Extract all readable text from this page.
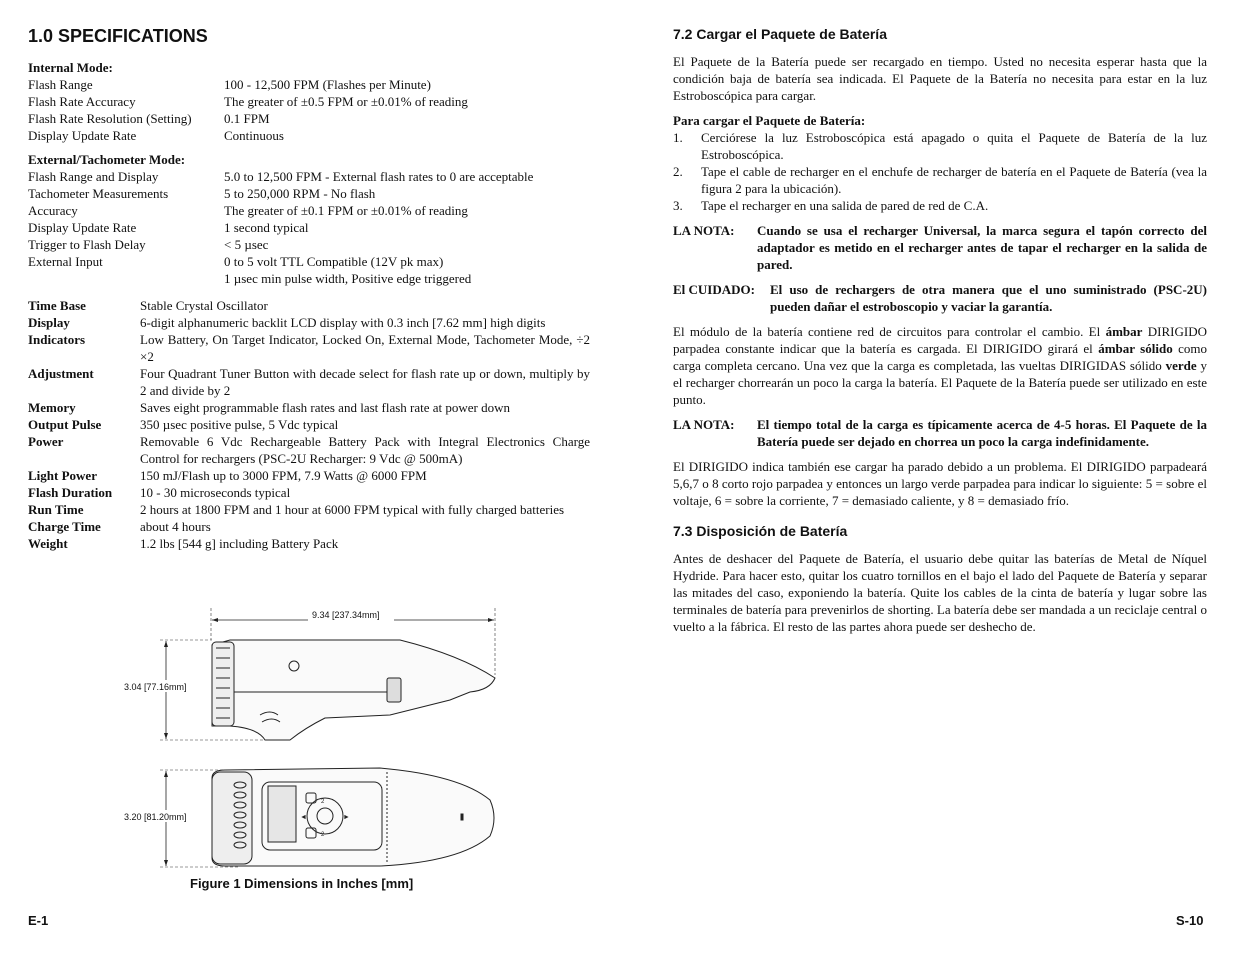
1.0 SPECIFICATIONS
Internal Mode:
Flash Range	100 - 12,500 FPM (Flashes per Minute)
Flash Rate Accuracy	The greater of ±0.5 FPM or ±0.01% of reading
Flash Rate Resolution (Setting)	0.1 FPM
Display Update Rate	Continuous
External/Tachometer Mode:
Flash Range and Display	5.0 to 12,500 FPM - External flash rates to 0 are acceptable
Tachometer Measurements	5 to 250,000 RPM - No flash
Accuracy	The greater of ±0.1 FPM or ±0.01% of reading
Display Update Rate	1 second typical
Trigger to Flash Delay	< 5 µsec
External Input	0 to 5 volt TTL Compatible (12V pk max)
1 µsec min pulse width, Positive edge triggered
Time Base	Stable Crystal Oscillator
Display	6-digit alphanumeric backlit LCD display with 0.3 inch [7.62 mm] high digits
Indicators	Low Battery, On Target Indicator, Locked On, External Mode, Tachometer Mode, ÷2 ×2
Adjustment	Four Quadrant Tuner Button with decade select for flash rate up or down, multiply by 2 and divide by 2
Memory	Saves eight programmable flash rates and last flash rate at power down
Output Pulse	350 µsec positive pulse, 5 Vdc typical
Power	Removable 6 Vdc Rechargeable Battery Pack with Integral Electronics Charge Control for rechargers (PSC-2U Recharger: 9 Vdc @ 500mA)
Light Power	150 mJ/Flash up to 3000 FPM, 7.9 Watts @ 6000 FPM
Flash Duration	10 - 30 microseconds typical
Run Time	2 hours at 1800 FPM and 1 hour at 6000 FPM typical with fully charged batteries
Charge Time	about 4 hours
Weight	1.2 lbs [544 g] including Battery Pack
9.34 [237.34mm]
3.04 [77.16mm]
3.20 [81.20mm]
2
2
◄	►
Figure 1 Dimensions in Inches [mm]
E-1
7.2 Cargar el Paquete de Batería

El Paquete de la Batería puede ser recargado en tiempo. Usted no necesita esperar hasta que la condición baja de batería sea indicada. El Paquete de la Batería no necesita para estar en la luz Estroboscópica para cargar.

Para cargar el Paquete de Batería:
1.	Cerciórese la luz Estroboscópica está apagado o quita el Paquete de Batería de la luz Estroboscópica.
2.	Tape el cable de recharger en el enchufe de recharger de batería en el Paquete de Batería (vea la figura 2 para la ubicación).
3.	Tape el recharger en una salida de pared de red de C.A.
LA NOTA:	Cuando se usa el recharger Universal, la marca segura el tapón correcto del adaptador es metido en el recharger antes de tapar el recharger en la salida de pared.
El CUIDADO:	El uso de rechargers de otra manera que el uno suministrado (PSC-2U) pueden dañar el estroboscopio y vaciar la garantía.

El módulo de la batería contiene red de circuitos para controlar el cambio. El ámbar DIRIGIDO parpadea constante indicar que la batería es cargada. El DIRIGIDO girará el ámbar sólido como carga completa cercano. Una vez que la carga es completada, las vueltas DIRIGIDAS sólido verde y el recharger chorrearán un poco la carga la batería. El Paquete de la Batería puede ser utilizado en este punto.

LA NOTA:	El tiempo total de la carga es típicamente acerca de 4-5 horas. El Paquete de la Batería puede ser dejado en chorrea un poco la carga indefinidamente.

El DIRIGIDO indica también ese cargar ha parado debido a un problema. El DIRIGIDO parpadeará 5,6,7 o 8 corto rojo parpadea y entonces un largo verde parpadea para indicar lo siguiente: 5 = sobre el voltaje, 6 = sobre la corriente, 7 = demasiado caliente, y 8 = demasiado frío.

7.3 Disposición de Batería

Antes de deshacer del Paquete de Batería, el usuario debe quitar las baterías de Metal de Níquel Hydride. Para hacer esto, quitar los cuatro tornillos en el bajo el lado del Paquete de Batería y separar las mitades del caso, exponiendo la batería. Quite los cables de la cinta de batería y lugar sobre las terminales de batería para prevenirlos de shorting. La batería debe ser mandada a un reciclaje central o vuelto a la fábrica. El resto de las partes ahora puede ser deshecho de.

S-10
